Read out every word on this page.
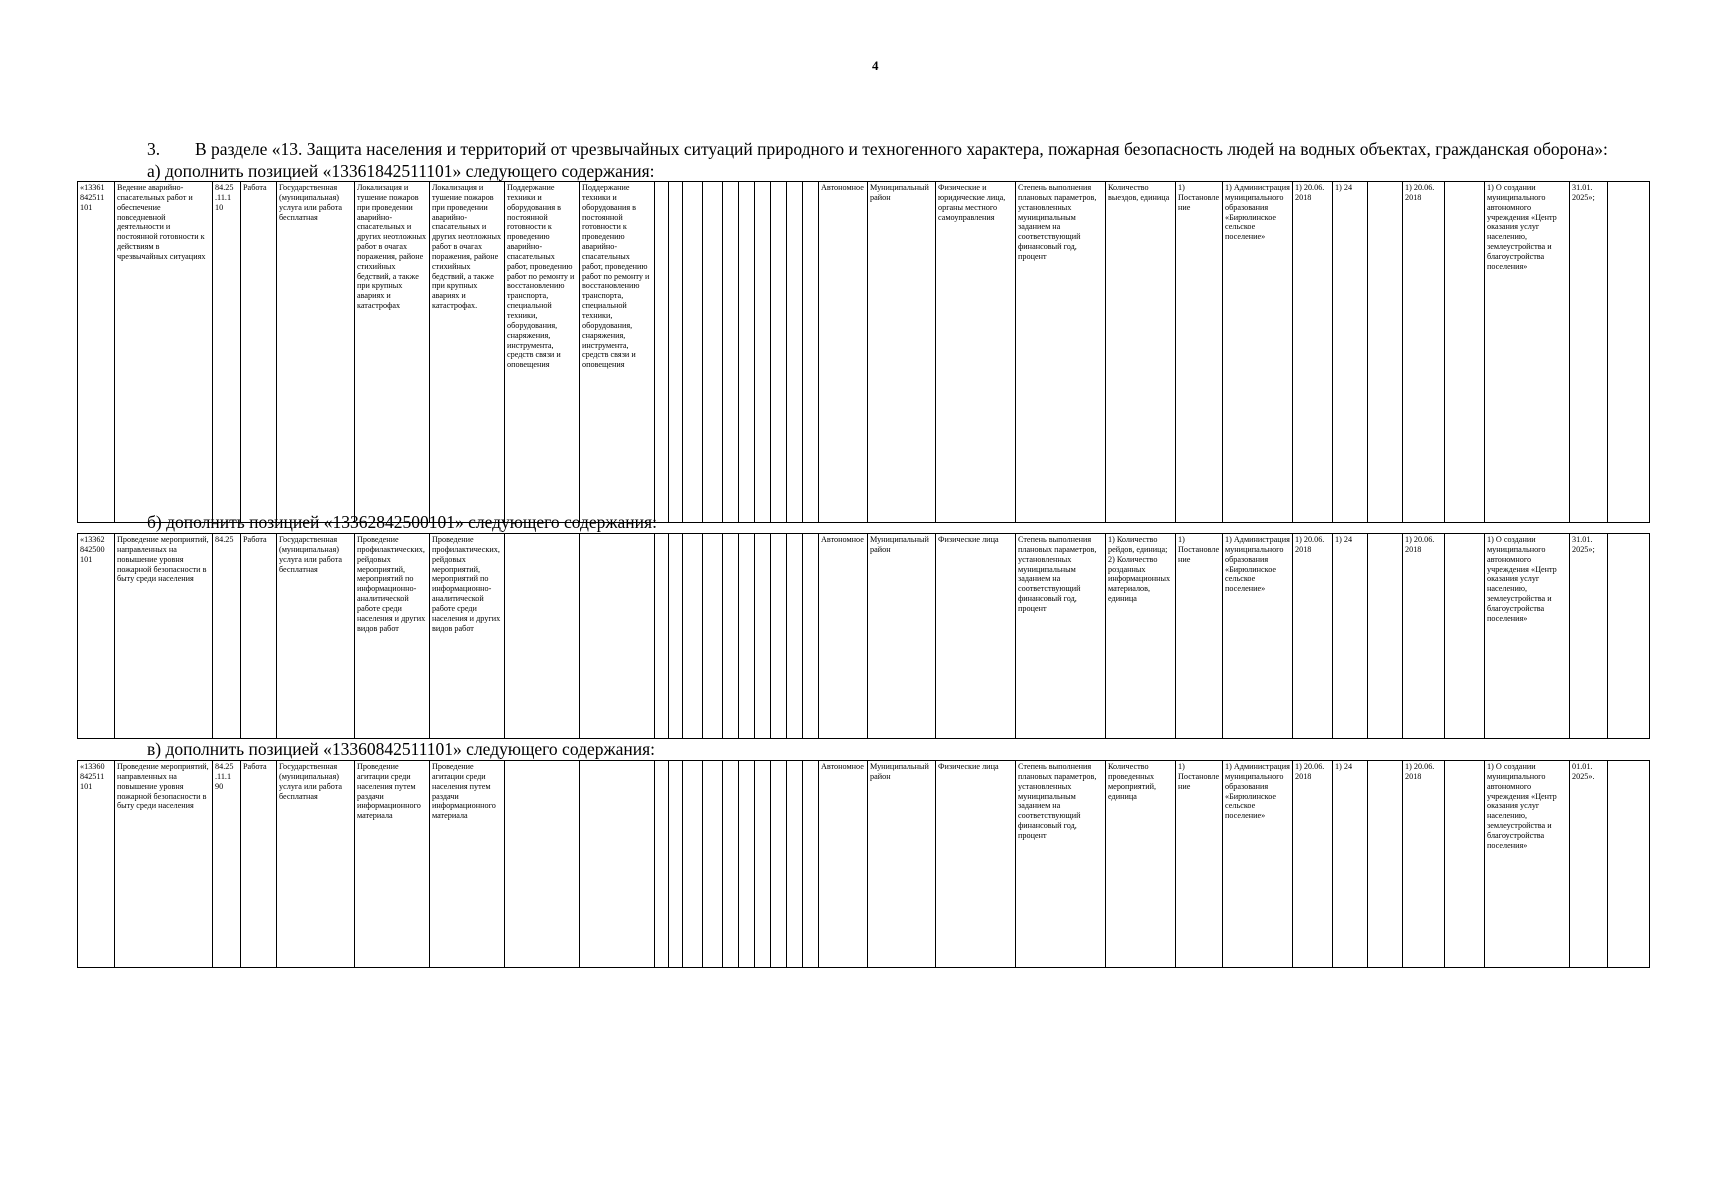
4
3. В разделе «13. Защита населения и территорий от чрезвычайных ситуаций природного и техногенного характера, пожарная безопасность людей на водных объектах, гражданская оборона»:
а) дополнить позицией «13361842511101» следующего содержания:
б) дополнить позицией «13362842500101» следующего содержания:
в) дополнить позицией «13360842511101» следующего содержания:
«13361 842511 101	Ведение аварийно-спасательных работ и обеспечение повседневной деятельности и постоянной готовности к действиям в чрезвычайных ситуациях	84.25 .11.1 10	Работа	Государственная (муниципальная) услуга или работа бесплатная	Локализация и тушение пожаров при проведении аварийно-спасательных и других неотложных работ в очагах поражения, районе стихийных бедствий, а также при крупных авариях и катастрофах	Локализация и тушение пожаров при проведении аварийно-спасательных и других неотложных работ в очагах поражения, районе стихийных бедствий, а также при крупных авариях и катастрофах.	Поддержание техники и оборудования в постоянной готовности к проведению аварийно-спасательных работ, проведению работ по ремонту и восстановлению транспорта, специальной техники, оборудования, снаряжения, инструмента, средств связи и оповещения	Поддержание техники и оборудования в постоянной готовности к проведению аварийно-спасательных работ, проведению работ по ремонту и восстановлению транспорта, специальной техники, оборудования, снаряжения, инструмента, средств связи и оповещения											Автономное	Муниципальный район	Физические и юридические лица, органы местного самоуправления	Степень выполнения плановых параметров, установленных муниципальным заданием на соответствующий финансовый год, процент	Количество выездов, единица	1) Постановление	1) Администрация муниципального образования «Бирюлинское сельское поселение»	1) 20.06. 2018	1) 24		1) 20.06. 2018		1) О создании муниципального автономного учреждения «Центр оказания услуг населению, землеустройства и благоустройства поселения»	31.01. 2025»;	
«13362 842500 101	Проведение мероприятий, направленных на повышение уровня пожарной безопасности в быту среди населения	84.25	Работа	Государственная (муниципальная) услуга или работа бесплатная	Проведение профилактических, рейдовых мероприятий, мероприятий по информационно-аналитической работе среди населения и других видов работ	Проведение профилактических, рейдовых мероприятий, мероприятий по информационно-аналитической работе среди населения и других видов работ													Автономное	Муниципальный район	Физические лица	Степень выполнения плановых параметров, установленных муниципальным заданием на соответствующий финансовый год, процент	1) Количество рейдов, единица; 2) Количество розданных информационных материалов, единица	1) Постановление	1) Администрация муниципального образования «Бирюлинское сельское поселение»	1) 20.06. 2018	1) 24		1) 20.06. 2018		1) О создании муниципального автономного учреждения «Центр оказания услуг населению, землеустройства и благоустройства поселения»	31.01. 2025»;	
«13360 842511 101	Проведение мероприятий, направленных на повышение уровня пожарной безопасности в быту среди населения	84.25 .11.1 90	Работа	Государственная (муниципальная) услуга или работа бесплатная	Проведение агитации среди населения путем раздачи информационного материала	Проведение агитации среди населения путем раздачи информационного материала													Автономное	Муниципальный район	Физические лица	Степень выполнения плановых параметров, установленных муниципальным заданием на соответствующий финансовый год, процент	Количество проведенных мероприятий, единица	1) Постановление	1) Администрация муниципального образования «Бирюлинское сельское поселение»	1) 20.06. 2018	1) 24		1) 20.06. 2018		1) О создании муниципального автономного учреждения «Центр оказания услуг населению, землеустройства и благоустройства поселения»	01.01. 2025».	
